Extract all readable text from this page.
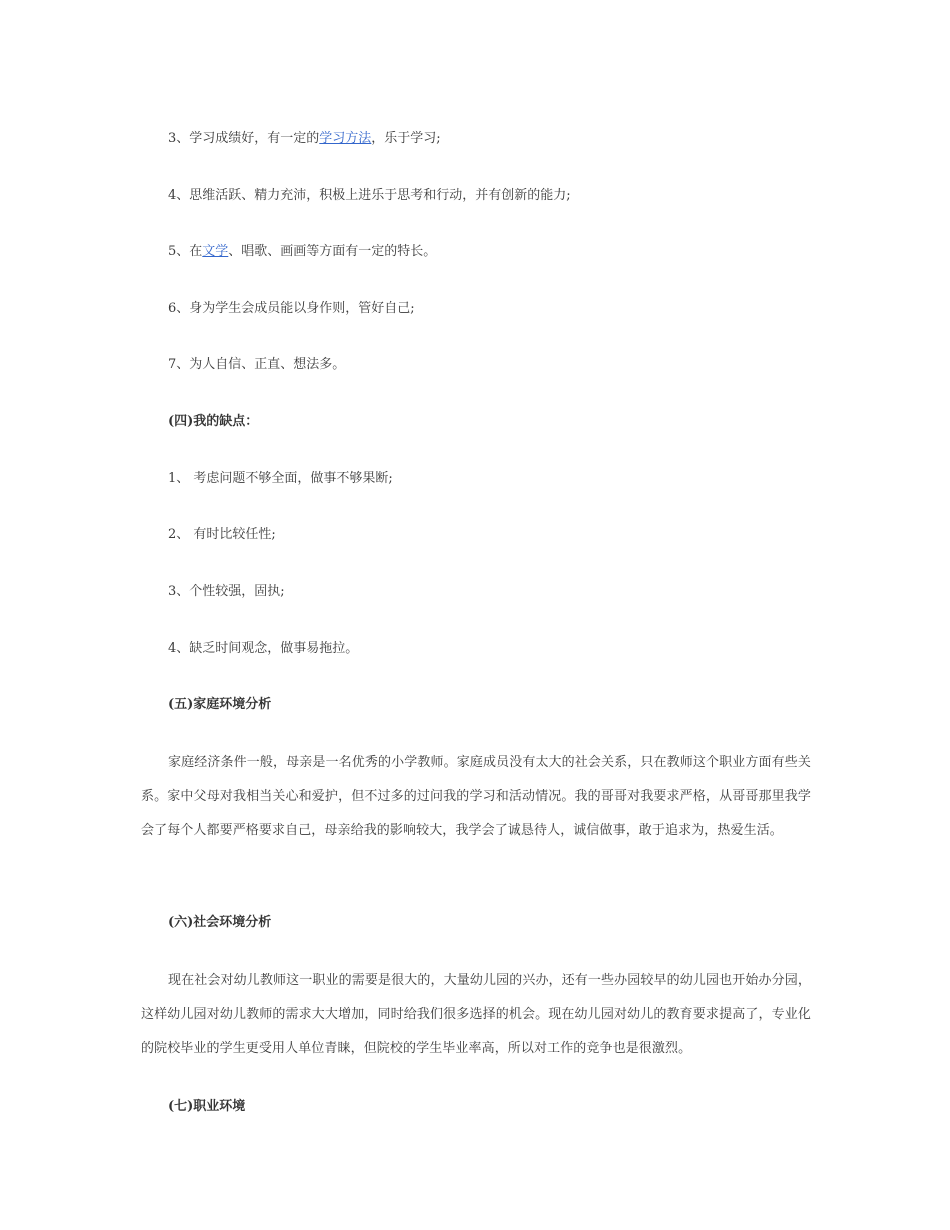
3、学习成绩好，有一定的学习方法，乐于学习;
4、思维活跃、精力充沛，积极上进乐于思考和行动，并有创新的能力;
5、在文学、唱歌、画画等方面有一定的特长。
6、身为学生会成员能以身作则，管好自己;
7、为人自信、正直、想法多。
(四)我的缺点：
1、 考虑问题不够全面，做事不够果断;
2、 有时比较任性;
3、个性较强，固执;
4、缺乏时间观念，做事易拖拉。
(五)家庭环境分析
家庭经济条件一般，母亲是一名优秀的小学教师。家庭成员没有太大的社会关系，只在教师这个职业方面有些关系。家中父母对我相当关心和爱护，但不过多的过问我的学习和活动情况。我的哥哥对我要求严格，从哥哥那里我学会了每个人都要严格要求自己，母亲给我的影响较大，我学会了诚恳待人，诚信做事，敢于追求为，热爱生活。
(六)社会环境分析
现在社会对幼儿教师这一职业的需要是很大的，大量幼儿园的兴办，还有一些办园较早的幼儿园也开始办分园，这样幼儿园对幼儿教师的需求大大增加，同时给我们很多选择的机会。现在幼儿园对幼儿的教育要求提高了，专业化的院校毕业的学生更受用人单位青睐，但院校的学生毕业率高，所以对工作的竞争也是很激烈。
(七)职业环境
